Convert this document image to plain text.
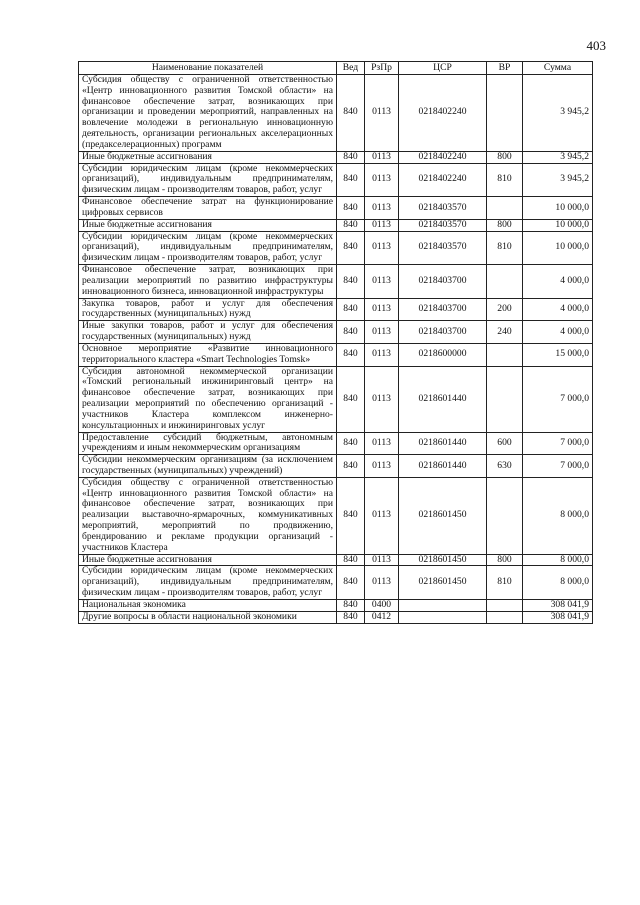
403
Наименование показателей	Вед	РзПр	ЦСР	ВР	Сумма
Субсидия обществу с ограниченной ответственностью «Центр инновационного развития Томской области» на финансовое обеспечение затрат, возникающих при организации и проведении мероприятий, направленных на вовлечение молодежи в региональную инновационную деятельность, организации региональных акселерационных (предакселерационных) программ	840	0113	0218402240		3 945,2
Иные бюджетные ассигнования	840	0113	0218402240	800	3 945,2
Субсидии юридическим лицам (кроме некоммерческих организаций), индивидуальным предпринимателям, физическим лицам - производителям товаров, работ, услуг	840	0113	0218402240	810	3 945,2
Финансовое обеспечение затрат на функционирование цифровых сервисов	840	0113	0218403570		10 000,0
Иные бюджетные ассигнования	840	0113	0218403570	800	10 000,0
Субсидии юридическим лицам (кроме некоммерческих организаций), индивидуальным предпринимателям, физическим лицам - производителям товаров, работ, услуг	840	0113	0218403570	810	10 000,0
Финансовое обеспечение затрат, возникающих при реализации мероприятий по развитию инфраструктуры инновационного бизнеса, инновационной инфраструктуры	840	0113	0218403700		4 000,0
Закупка товаров, работ и услуг для обеспечения государственных (муниципальных) нужд	840	0113	0218403700	200	4 000,0
Иные закупки товаров, работ и услуг для обеспечения государственных (муниципальных) нужд	840	0113	0218403700	240	4 000,0
Основное мероприятие «Развитие инновационного территориального кластера «Smart Technologies Tomsk»	840	0113	0218600000		15 000,0
Субсидия автономной некоммерческой организации «Томский региональный инжиниринговый центр» на финансовое обеспечение затрат, возникающих при реализации мероприятий по обеспечению организаций - участников Кластера комплексом инженерно-консультационных и инжиниринговых услуг	840	0113	0218601440		7 000,0
Предоставление субсидий бюджетным, автономным учреждениям и иным некоммерческим организациям	840	0113	0218601440	600	7 000,0
Субсидии некоммерческим организациям (за исключением государственных (муниципальных) учреждений)	840	0113	0218601440	630	7 000,0
Субсидия обществу с ограниченной ответственностью «Центр инновационного развития Томской области» на финансовое обеспечение затрат, возникающих при реализации выставочно-ярмарочных, коммуникативных мероприятий, мероприятий по продвижению, брендированию и рекламе продукции организаций - участников Кластера	840	0113	0218601450		8 000,0
Иные бюджетные ассигнования	840	0113	0218601450	800	8 000,0
Субсидии юридическим лицам (кроме некоммерческих организаций), индивидуальным предпринимателям, физическим лицам - производителям товаров, работ, услуг	840	0113	0218601450	810	8 000,0
Национальная экономика	840	0400			308 041,9
Другие вопросы в области национальной экономики	840	0412			308 041,9
